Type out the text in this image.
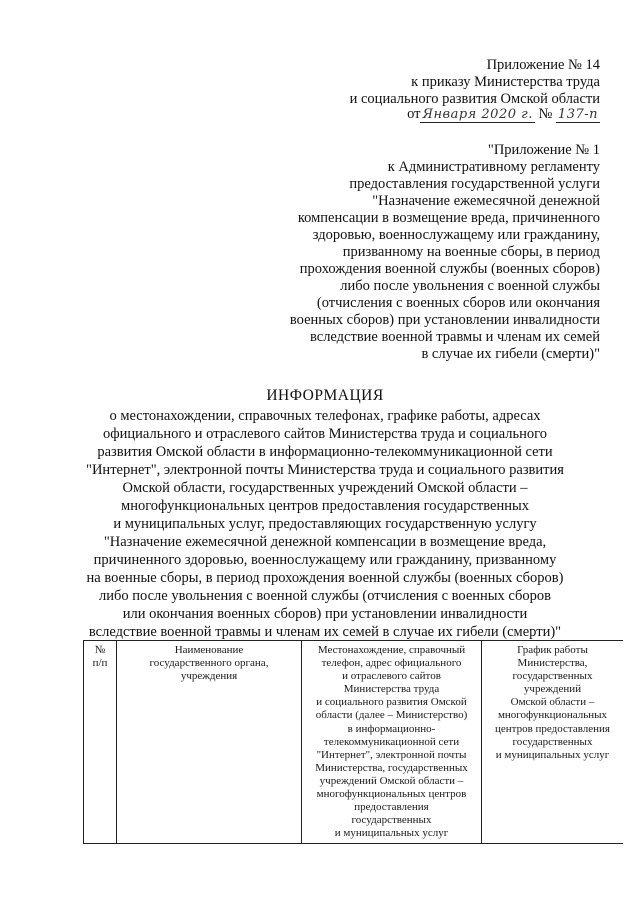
Приложение № 14
к приказу Министерства труда
и социального развития Омской области
от Января 2020 г. № 137-п
"Приложение № 1
к Административному регламенту
предоставления государственной услуги
"Назначение ежемесячной денежной
компенсации в возмещение вреда, причиненного
здоровью, военнослужащему или гражданину,
призванному на военные сборы, в период
прохождения военной службы (военных сборов)
либо после увольнения с военной службы
(отчисления с военных сборов или окончания
военных сборов) при установлении инвалидности
вследствие военной травмы и членам их семей
в случае их гибели (смерти)"
ИНФОРМАЦИЯ
о местонахождении, справочных телефонах, графике работы, адресах
официального и отраслевого сайтов Министерства труда и социального
развития Омской области в информационно-телекоммуникационной сети
"Интернет", электронной почты Министерства труда и социального развития
Омской области, государственных учреждений Омской области –
многофункциональных центров предоставления государственных
и муниципальных услуг, предоставляющих государственную услугу
"Назначение ежемесячной денежной компенсации в возмещение вреда,
причиненного здоровью, военнослужащему или гражданину, призванному
на военные сборы, в период прохождения военной службы (военных сборов)
либо после увольнения с военной службы (отчисления с военных сборов
или окончания военных сборов) при установлении инвалидности
вследствие военной травмы и членам их семей в случае их гибели (смерти)"
№
п/п

Наименование
государственного органа,
учреждения

Местонахождение, справочный
телефон, адрес официального
и отраслевого сайтов
Министерства труда
и социального развития Омской
области (далее – Министерство)
в информационно-
телекоммуникационной сети
"Интернет", электронной почты
Министерства, государственных
учреждений Омской области –
многофункциональных центров
предоставления
государственных
и муниципальных услуг

График работы
Министерства,
государственных
учреждений
Омской области –
многофункциональных
центров предоставления
государственных
и муниципальных услуг
